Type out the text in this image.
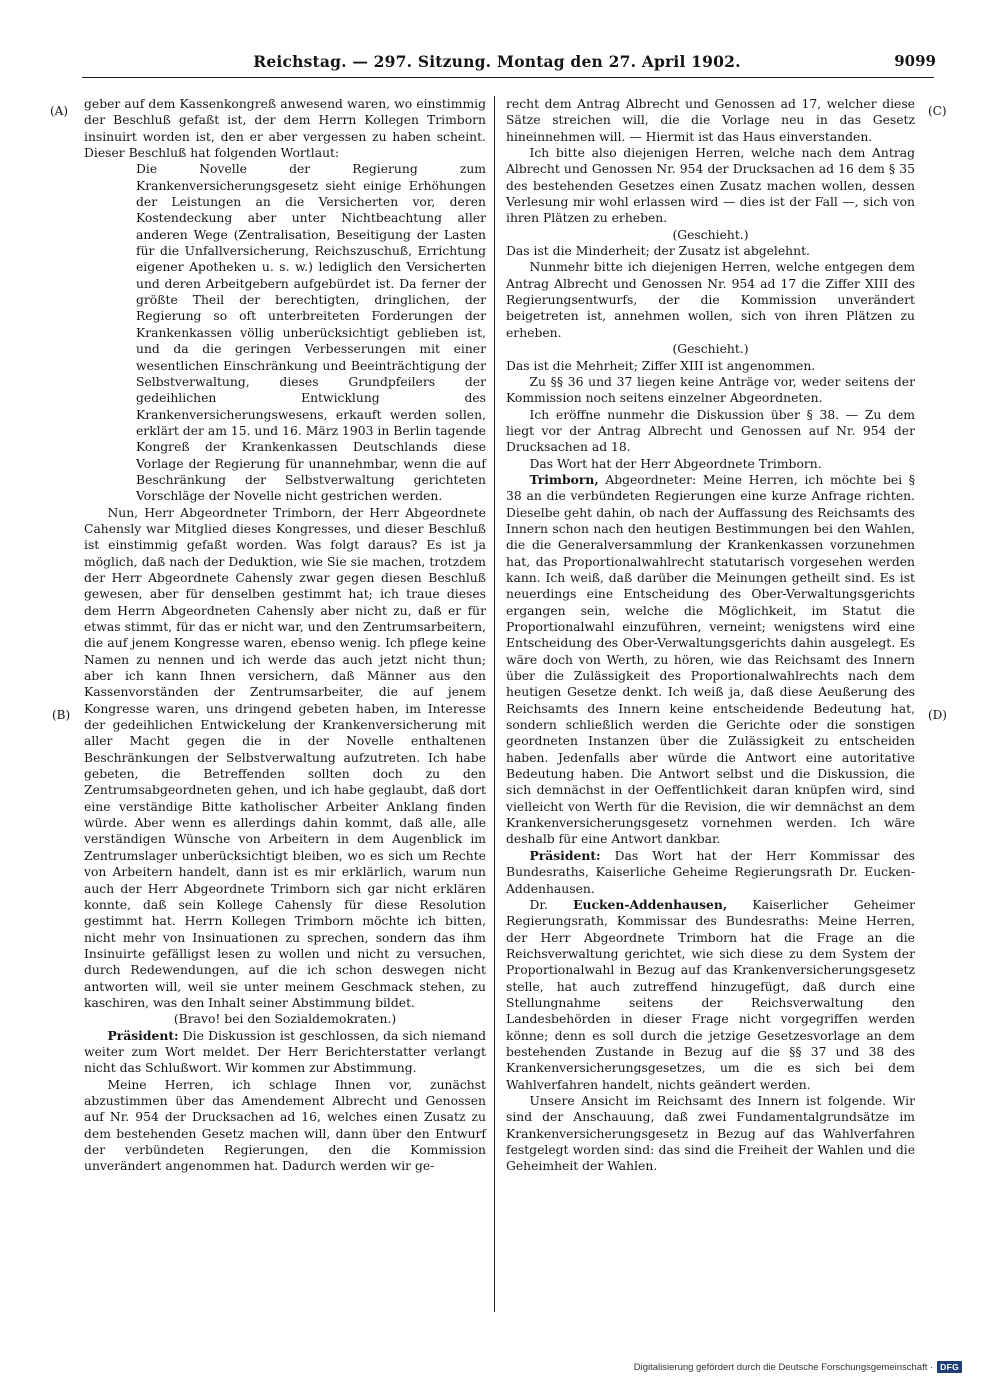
Reichstag. — 297. Sitzung. Montag den 27. April 1902.	9099
(A)
(B)
(C)
(D)

geber auf dem Kassenkongreß anwesend waren, wo einstimmig der Beschluß gefaßt ist, der dem Herrn Kollegen Trimborn insinuirt worden ist, den er aber vergessen zu haben scheint. Dieser Beschluß hat folgenden Wortlaut:

Die Novelle der Regierung zum Krankenversicherungsgesetz sieht einige Erhöhungen der Leistungen an die Versicherten vor, deren Kostendeckung aber unter Nichtbeachtung aller anderen Wege (Zentralisation, Beseitigung der Lasten für die Unfallversicherung, Reichszuschuß, Errichtung eigener Apotheken u. s. w.) lediglich den Versicherten und deren Arbeitgebern aufgebürdet ist. Da ferner der größte Theil der berechtigten, dringlichen, der Regierung so oft unterbreiteten Forderungen der Krankenkassen völlig unberücksichtigt geblieben ist, und da die geringen Verbesserungen mit einer wesentlichen Einschränkung und Beeinträchtigung der Selbstverwaltung, dieses Grundpfeilers der gedeihlichen Entwicklung des Krankenversicherungswesens, erkauft werden sollen, erklärt der am 15. und 16. März 1903 in Berlin tagende Kongreß der Krankenkassen Deutschlands diese Vorlage der Regierung für unannehmbar, wenn die auf Beschränkung der Selbstverwaltung gerichteten Vorschläge der Novelle nicht gestrichen werden.

Nun, Herr Abgeordneter Trimborn, der Herr Abgeordnete Cahensly war Mitglied dieses Kongresses, und dieser Beschluß ist einstimmig gefaßt worden. Was folgt daraus? Es ist ja möglich, daß nach der Deduktion, wie Sie sie machen, trotzdem der Herr Abgeordnete Cahensly zwar gegen diesen Beschluß gewesen, aber für denselben gestimmt hat; ich traue dieses dem Herrn Abgeordneten Cahensly aber nicht zu, daß er für etwas stimmt, für das er nicht war, und den Zentrumsarbeitern, die auf jenem Kongresse waren, ebenso wenig. Ich pflege keine Namen zu nennen und ich werde das auch jetzt nicht thun; aber ich kann Ihnen versichern, daß Männer aus den Kassenvorständen der Zentrumsarbeiter, die auf jenem Kongresse waren, uns dringend gebeten haben, im Interesse der gedeihlichen Entwickelung der Krankenversicherung mit aller Macht gegen die in der Novelle enthaltenen Beschränkungen der Selbstverwaltung aufzutreten. Ich habe gebeten, die Betreffenden sollten doch zu den Zentrumsabgeordneten gehen, und ich habe geglaubt, daß dort eine verständige Bitte katholischer Arbeiter Anklang finden würde. Aber wenn es allerdings dahin kommt, daß alle, alle verständigen Wünsche von Arbeitern in dem Augenblick im Zentrumslager unberücksichtigt bleiben, wo es sich um Rechte von Arbeitern handelt, dann ist es mir erklärlich, warum nun auch der Herr Abgeordnete Trimborn sich gar nicht erklären konnte, daß sein Kollege Cahensly für diese Resolution gestimmt hat. Herrn Kollegen Trimborn möchte ich bitten, nicht mehr von Insinuationen zu sprechen, sondern das ihm Insinuirte gefälligst lesen zu wollen und nicht zu versuchen, durch Redewendungen, auf die ich schon deswegen nicht antworten will, weil sie unter meinem Geschmack stehen, zu kaschiren, was den Inhalt seiner Abstimmung bildet.

(Bravo! bei den Sozialdemokraten.)

Präsident: Die Diskussion ist geschlossen, da sich niemand weiter zum Wort meldet. Der Herr Berichterstatter verlangt nicht das Schlußwort. Wir kommen zur Abstimmung.

Meine Herren, ich schlage Ihnen vor, zunächst abzustimmen über das Amendement Albrecht und Genossen auf Nr. 954 der Drucksachen ad 16, welches einen Zusatz zu dem bestehenden Gesetz machen will, dann über den Entwurf der verbündeten Regierungen, den die Kommission unverändert angenommen hat. Dadurch werden wir ge-

recht dem Antrag Albrecht und Genossen ad 17, welcher diese Sätze streichen will, die die Vorlage neu in das Gesetz hineinnehmen will. — Hiermit ist das Haus einverstanden.

Ich bitte also diejenigen Herren, welche nach dem Antrag Albrecht und Genossen Nr. 954 der Drucksachen ad 16 dem § 35 des bestehenden Gesetzes einen Zusatz machen wollen, dessen Verlesung mir wohl erlassen wird — dies ist der Fall —, sich von ihren Plätzen zu erheben.

(Geschieht.)

Das ist die Minderheit; der Zusatz ist abgelehnt.

Nunmehr bitte ich diejenigen Herren, welche entgegen dem Antrag Albrecht und Genossen Nr. 954 ad 17 die Ziffer XIII des Regierungsentwurfs, der die Kommission unverändert beigetreten ist, annehmen wollen, sich von ihren Plätzen zu erheben.

(Geschieht.)

Das ist die Mehrheit; Ziffer XIII ist angenommen.

Zu §§ 36 und 37 liegen keine Anträge vor, weder seitens der Kommission noch seitens einzelner Abgeordneten.

Ich eröffne nunmehr die Diskussion über § 38. — Zu dem liegt vor der Antrag Albrecht und Genossen auf Nr. 954 der Drucksachen ad 18.

Das Wort hat der Herr Abgeordnete Trimborn.

Trimborn, Abgeordneter: Meine Herren, ich möchte bei § 38 an die verbündeten Regierungen eine kurze Anfrage richten. Dieselbe geht dahin, ob nach der Auffassung des Reichsamts des Innern schon nach den heutigen Bestimmungen bei den Wahlen, die die Generalversammlung der Krankenkassen vorzunehmen hat, das Proportionalwahlrecht statutarisch vorgesehen werden kann. Ich weiß, daß darüber die Meinungen getheilt sind. Es ist neuerdings eine Entscheidung des Ober-Verwaltungsgerichts ergangen sein, welche die Möglichkeit, im Statut die Proportionalwahl einzuführen, verneint; wenigstens wird eine Entscheidung des Ober-Verwaltungsgerichts dahin ausgelegt. Es wäre doch von Werth, zu hören, wie das Reichsamt des Innern über die Zulässigkeit des Proportionalwahlrechts nach dem heutigen Gesetze denkt. Ich weiß ja, daß diese Aeußerung des Reichsamts des Innern keine entscheidende Bedeutung hat, sondern schließlich werden die Gerichte oder die sonstigen geordneten Instanzen über die Zulässigkeit zu entscheiden haben. Jedenfalls aber würde die Antwort eine autoritative Bedeutung haben. Die Antwort selbst und die Diskussion, die sich demnächst in der Oeffentlichkeit daran knüpfen wird, sind vielleicht von Werth für die Revision, die wir demnächst an dem Krankenversicherungsgesetz vornehmen werden. Ich wäre deshalb für eine Antwort dankbar.

Präsident: Das Wort hat der Herr Kommissar des Bundesraths, Kaiserliche Geheime Regierungsrath Dr. Eucken-Addenhausen.

Dr. Eucken-Addenhausen, Kaiserlicher Geheimer Regierungsrath, Kommissar des Bundesraths: Meine Herren, der Herr Abgeordnete Trimborn hat die Frage an die Reichsverwaltung gerichtet, wie sich diese zu dem System der Proportionalwahl in Bezug auf das Krankenversicherungsgesetz stelle, hat auch zutreffend hinzugefügt, daß durch eine Stellungnahme seitens der Reichsverwaltung den Landesbehörden in dieser Frage nicht vorgegriffen werden könne; denn es soll durch die jetzige Gesetzesvorlage an dem bestehenden Zustande in Bezug auf die §§ 37 und 38 des Krankenversicherungsgesetzes, um die es sich bei dem Wahlverfahren handelt, nichts geändert werden.

Unsere Ansicht im Reichsamt des Innern ist folgende. Wir sind der Anschauung, daß zwei Fundamentalgrundsätze im Krankenversicherungsgesetz in Bezug auf das Wahlverfahren festgelegt worden sind: das sind die Freiheit der Wahlen und die Geheimheit der Wahlen.

Digitalisierung gefördert durch die Deutsche Forschungsgemeinschaft · DFG
